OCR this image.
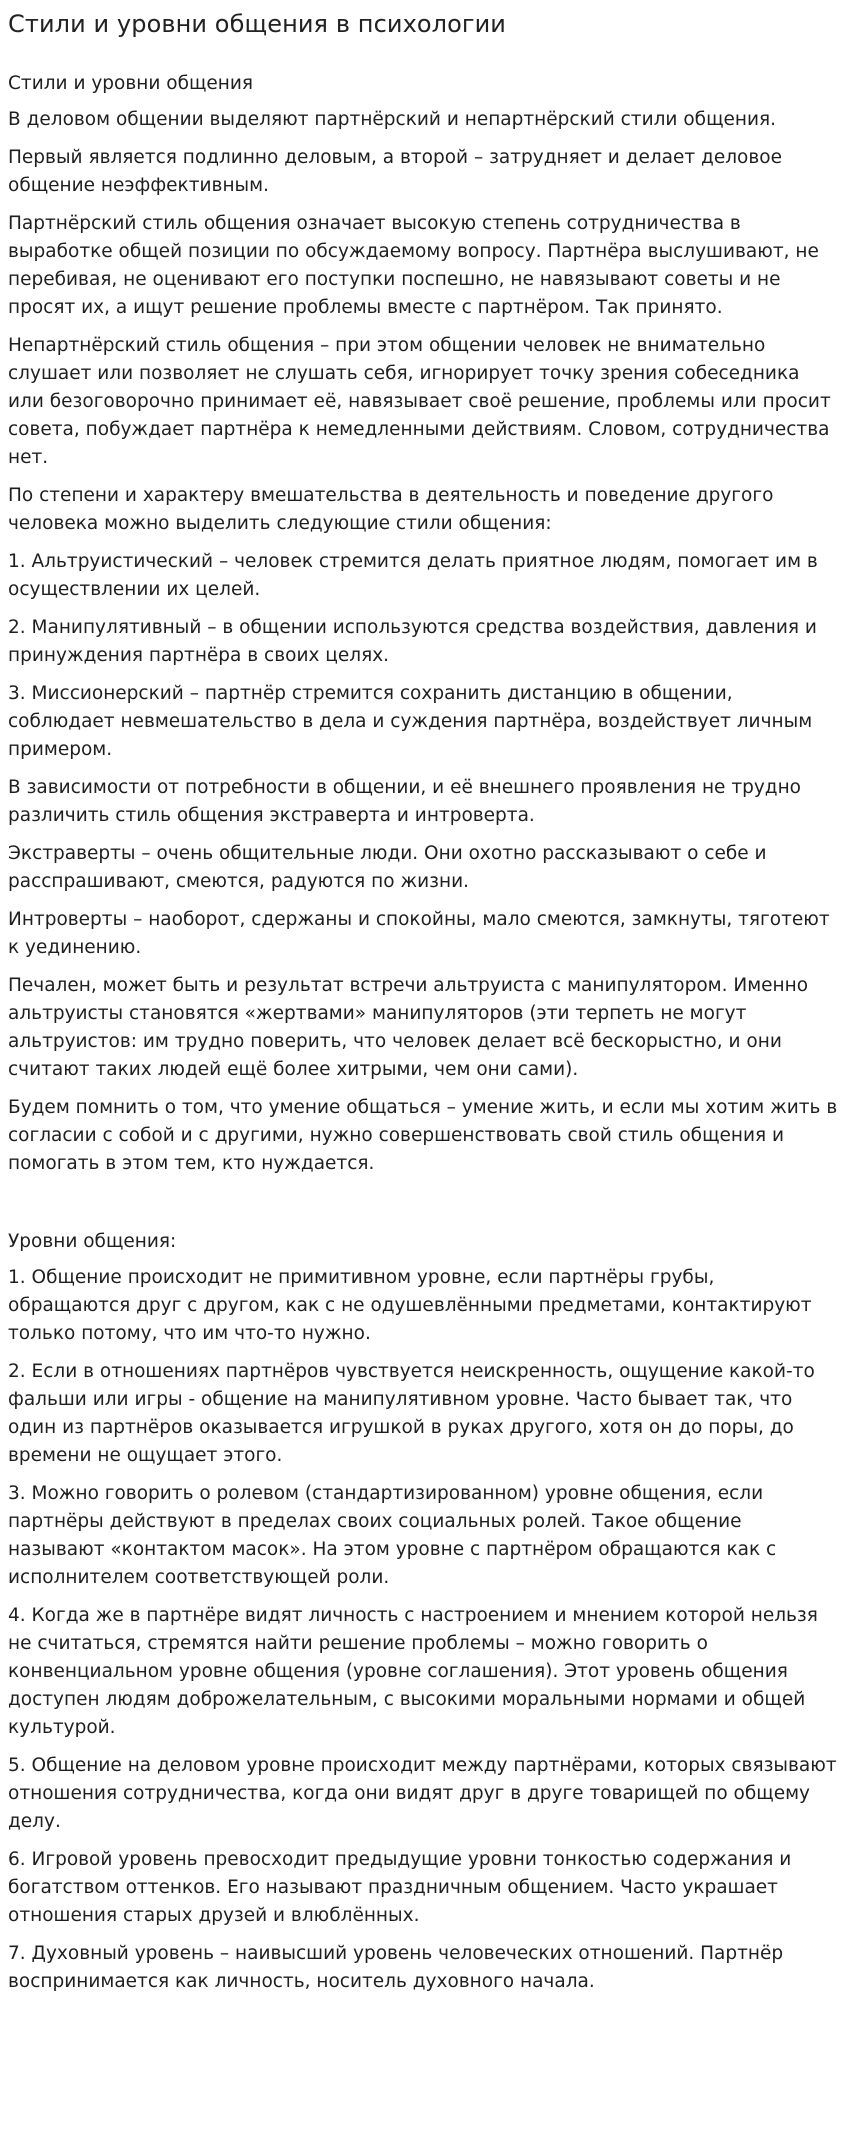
Стили и уровни общения в психологии
Стили и уровни общения

В деловом общении выделяют партнёрский и непартнёрский стили общения.

Первый является подлинно деловым, а второй – затрудняет и делает деловое общение неэффективным.

Партнёрский стиль общения означает высокую степень сотрудничества в выработке общей позиции по обсуждаемому вопросу. Партнёра выслушивают, не перебивая, не оценивают его поступки поспешно, не навязывают советы и не просят их, а ищут решение проблемы вместе с партнёром. Так принято.

Непартнёрский стиль общения – при этом общении человек не внимательно слушает или позволяет не слушать себя, игнорирует точку зрения собеседника или безоговорочно принимает её, навязывает своё решение, проблемы или просит совета, побуждает партнёра к немедленными действиям. Словом, сотрудничества нет.

По степени и характеру вмешательства в деятельность и поведение другого человека можно выделить следующие стили общения:

1. Альтруистический – человек стремится делать приятное людям, помогает им в осуществлении их целей.

2. Манипулятивный – в общении используются средства воздействия, давления и принуждения партнёра в своих целях.

3. Миссионерский – партнёр стремится сохранить дистанцию в общении, соблюдает невмешательство в дела и суждения партнёра, воздействует личным примером.

В зависимости от потребности в общении, и её внешнего проявления не трудно различить стиль общения экстраверта и интроверта.

Экстраверты – очень общительные люди. Они охотно рассказывают о себе и расспрашивают, смеются, радуются по жизни.

Интроверты – наоборот, сдержаны и спокойны, мало смеются, замкнуты, тяготеют к уединению.

Печален, может быть и результат встречи альтруиста с манипулятором. Именно альтруисты становятся «жертвами» манипуляторов (эти терпеть не могут альтруистов: им трудно поверить, что человек делает всё бескорыстно, и они считают таких людей ещё более хитрыми, чем они сами).

Будем помнить о том, что умение общаться – умение жить, и если мы хотим жить в согласии с собой и с другими, нужно совершенствовать свой стиль общения и помогать в этом тем, кто нуждается.

Уровни общения:

1. Общение происходит не примитивном уровне, если партнёры грубы, обращаются друг с другом, как с не одушевлёнными предметами, контактируют только потому, что им что-то нужно.

2. Если в отношениях партнёров чувствуется неискренность, ощущение какой-то фальши или игры - общение на манипулятивном уровне. Часто бывает так, что один из партнёров оказывается игрушкой в руках другого, хотя он до поры, до времени не ощущает этого.

3. Можно говорить о ролевом (стандартизированном) уровне общения, если партнёры действуют в пределах своих социальных ролей. Такое общение называют «контактом масок». На этом уровне с партнёром обращаются как с исполнителем соответствующей роли.

4. Когда же в партнёре видят личность с настроением и мнением которой нельзя не считаться, стремятся найти решение проблемы – можно говорить о конвенциальном уровне общения (уровне соглашения). Этот уровень общения доступен людям доброжелательным, с высокими моральными нормами и общей культурой.

5. Общение на деловом уровне происходит между партнёрами, которых связывают отношения сотрудничества, когда они видят друг в друге товарищей по общему делу.

6. Игровой уровень превосходит предыдущие уровни тонкостью содержания и богатством оттенков. Его называют праздничным общением. Часто украшает отношения старых друзей и влюблённых.

7. Духовный уровень – наивысший уровень человеческих отношений. Партнёр воспринимается как личность, носитель духовного начала.
